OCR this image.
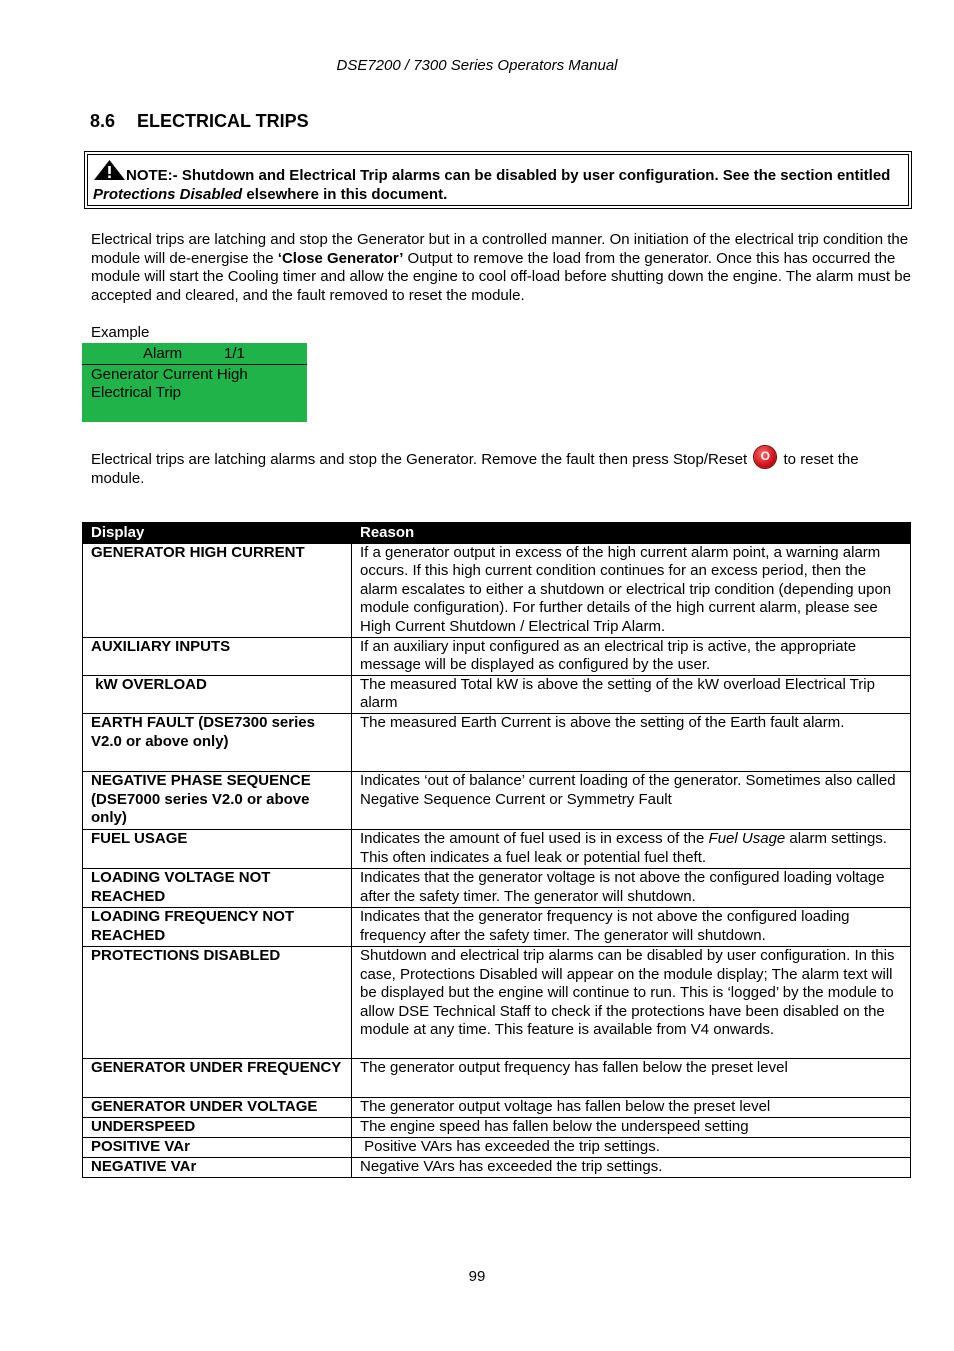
DSE7200 / 7300 Series Operators Manual
8.6 ELECTRICAL TRIPS
NOTE:- Shutdown and Electrical Trip alarms can be disabled by user configuration. See the section entitled Protections Disabled elsewhere in this document.
Electrical trips are latching and stop the Generator but in a controlled manner. On initiation of the electrical trip condition the module will de-energise the ‘Close Generator’ Output to remove the load from the generator. Once this has occurred the module will start the Cooling timer and allow the engine to cool off-load before shutting down the engine. The alarm must be accepted and cleared, and the fault removed to reset the module.
Example
Alarm	1/1
Generator Current High
Electrical Trip
Electrical trips are latching alarms and stop the Generator. Remove the fault then press Stop/Reset O to reset the module.
Display	Reason
GENERATOR HIGH CURRENT	If a generator output in excess of the high current alarm point, a warning alarm occurs. If this high current condition continues for an excess period, then the alarm escalates to either a shutdown or electrical trip condition (depending upon module configuration). For further details of the high current alarm, please see High Current Shutdown / Electrical Trip Alarm.
AUXILIARY INPUTS	If an auxiliary input configured as an electrical trip is active, the appropriate message will be displayed as configured by the user.
kW OVERLOAD	The measured Total kW is above the setting of the kW overload Electrical Trip alarm
EARTH FAULT (DSE7300 series V2.0 or above only)	The measured Earth Current is above the setting of the Earth fault alarm.
NEGATIVE PHASE SEQUENCE (DSE7000 series V2.0 or above only)	Indicates ‘out of balance’ current loading of the generator. Sometimes also called Negative Sequence Current or Symmetry Fault
FUEL USAGE	Indicates the amount of fuel used is in excess of the Fuel Usage alarm settings. This often indicates a fuel leak or potential fuel theft.
LOADING VOLTAGE NOT REACHED	Indicates that the generator voltage is not above the configured loading voltage after the safety timer. The generator will shutdown.
LOADING FREQUENCY NOT REACHED	Indicates that the generator frequency is not above the configured loading frequency after the safety timer. The generator will shutdown.
PROTECTIONS DISABLED	Shutdown and electrical trip alarms can be disabled by user configuration. In this case, Protections Disabled will appear on the module display; The alarm text will be displayed but the engine will continue to run. This is ‘logged’ by the module to allow DSE Technical Staff to check if the protections have been disabled on the module at any time. This feature is available from V4 onwards.
GENERATOR UNDER FREQUENCY	The generator output frequency has fallen below the preset level
GENERATOR UNDER VOLTAGE	The generator output voltage has fallen below the preset level
UNDERSPEED	The engine speed has fallen below the underspeed setting
POSITIVE VAr	Positive VArs has exceeded the trip settings.
NEGATIVE VAr	Negative VArs has exceeded the trip settings.
99
